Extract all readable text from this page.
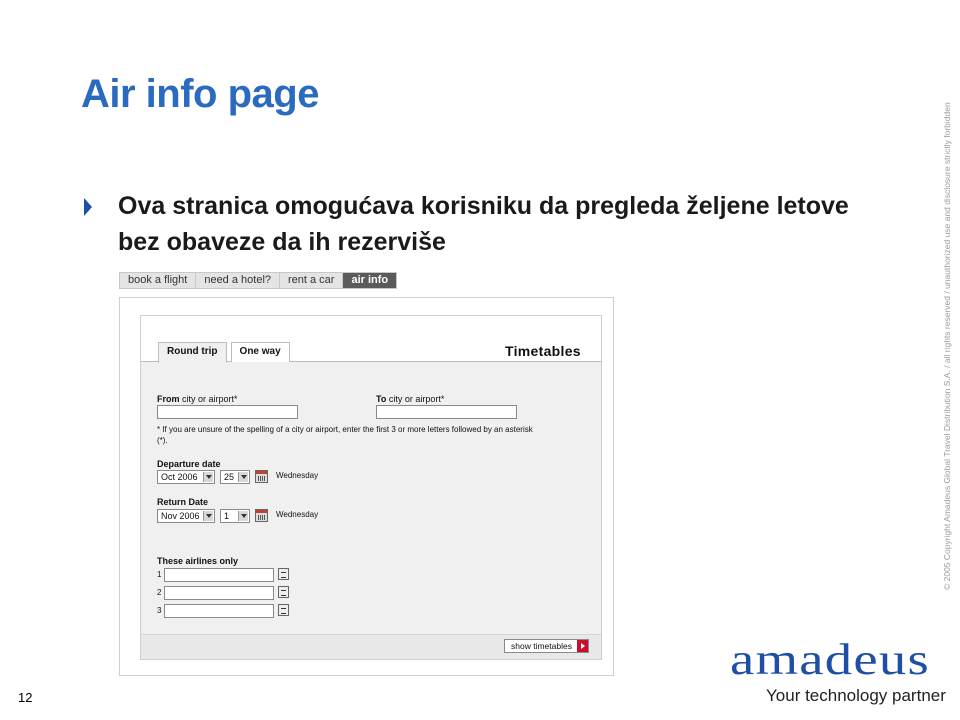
Air info page
Ova stranica omogućava korisniku da pregleda željene letove bez obaveze da ih rezerviše	© 2005 Copyright Amadeus Global Travel Distribution S.A. / all rights reserved / unauthorized use and disclosure strictly forbidden
book a flight	need a hotel?	rent a car	air info
Round trip	One way	Timetables
From city or airport*	To city or airport*
* If you are unsure of the spelling of a city or airport, enter the first 3 or more letters followed by an asterisk
(*).
Departure date
Oct 2006	25	Wednesday
Return Date
Nov 2006	1	Wednesday
These airlines only
1
2
3
show timetables
12
amadeus
Your technology partner
